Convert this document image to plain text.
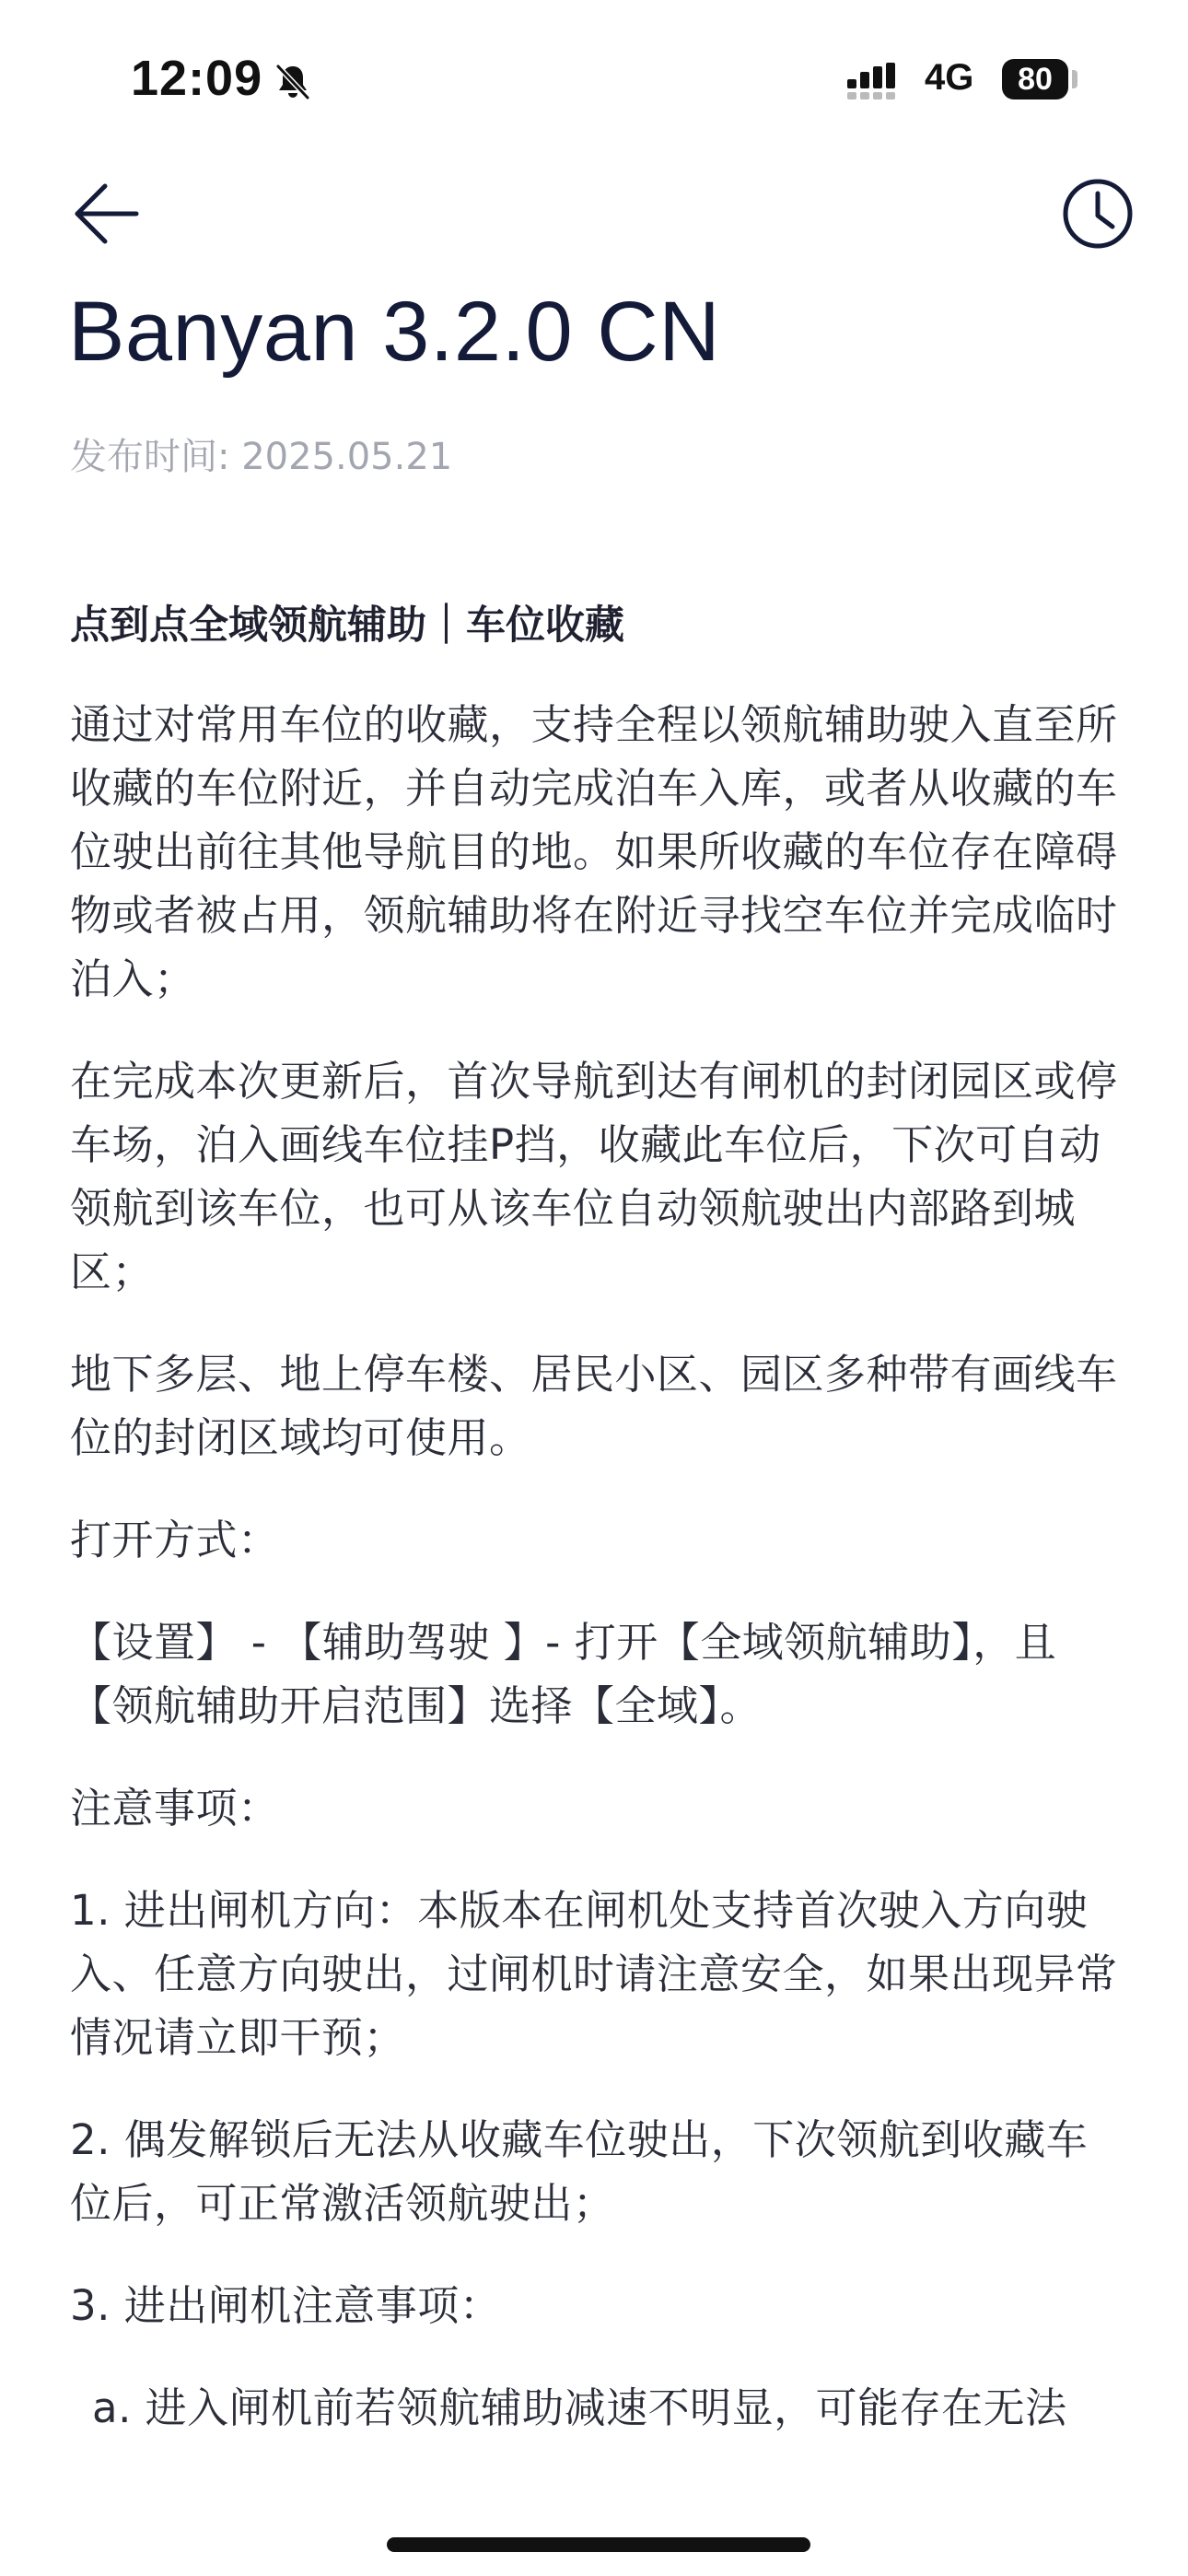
12:09	4G	80
Banyan 3.2.0 CN
发布时间: 2025.05.21
点到点全域领航辅助｜车位收藏

通过对常用车位的收藏，支持全程以领航辅助驶入直至所收藏的车位附近，并自动完成泊车入库，或者从收藏的车位驶出前往其他导航目的地。如果所收藏的车位存在障碍物或者被占用，领航辅助将在附近寻找空车位并完成临时泊入；

在完成本次更新后，首次导航到达有闸机的封闭园区或停车场，泊入画线车位挂P挡，收藏此车位后，下次可自动领航到该车位，也可从该车位自动领航驶出内部路到城区；

地下多层、地上停车楼、居民小区、园区多种带有画线车位的封闭区域均可使用。

打开方式：

【设置】 - 【辅助驾驶 】- 打开【全域领航辅助】，且【领航辅助开启范围】选择【全域】。

注意事项：

1. 进出闸机方向：本版本在闸机处支持首次驶入方向驶入、任意方向驶出，过闸机时请注意安全，如果出现异常情况请立即干预；

2. 偶发解锁后无法从收藏车位驶出，下次领航到收藏车位后，可正常激活领航驶出；

3. 进出闸机注意事项：

a. 进入闸机前若领航辅助减速不明显，可能存在无法
